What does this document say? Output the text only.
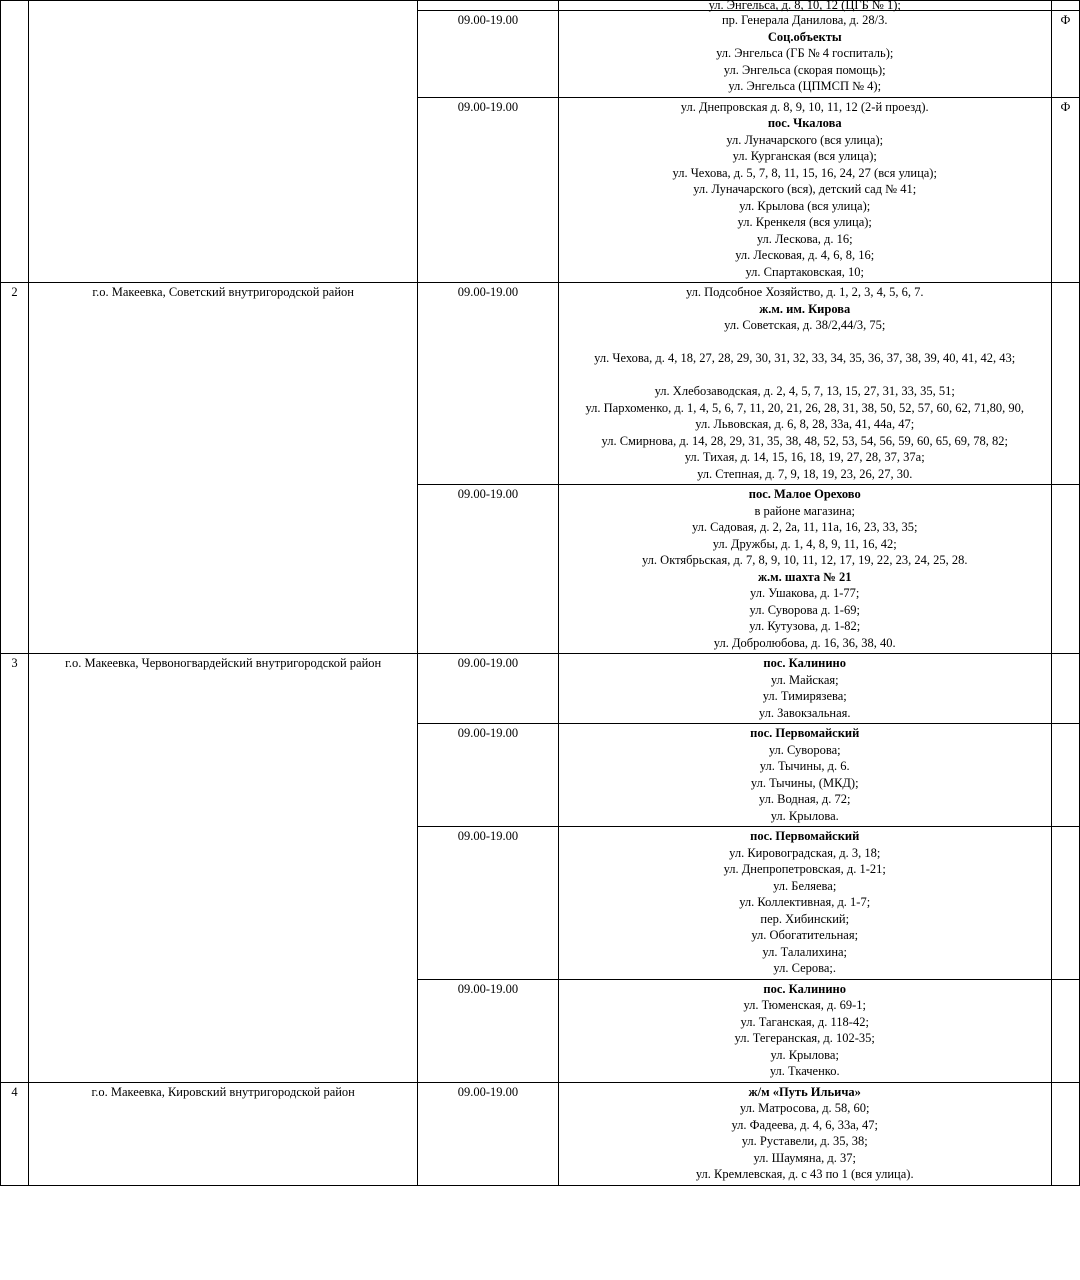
			ул. Энгельса, д. 8, 10, 12 (ЦГБ № 1);	

		09.00-19.00	пр. Генерала Данилова, д. 28/3.
Соц.объекты
ул. Энгельса (ГБ № 4 госпиталь);
ул. Энгельса (скорая помощь);
ул. Энгельса (ЦПМСП № 4);	Ф
09.00-19.00	ул. Днепровская д. 8, 9, 10, 11, 12 (2-й проезд).
пос. Чкалова
ул. Луначарского (вся улица);
ул. Курганская (вся улица);
ул. Чехова, д. 5, 7, 8, 11, 15, 16, 24, 27 (вся улица);
ул. Луначарского (вся), детский сад № 41;
ул. Крылова (вся улица);
ул. Кренкеля (вся улица);
ул. Лескова, д. 16;
ул. Лесковая, д. 4, 6, 8, 16;
ул. Спартаковская, 10;
	Ф
2	г.о. Макеевка, Советский внутригородской район	09.00-19.00	ул. Подсобное Хозяйство, д. 1, 2, 3, 4, 5, 6, 7.
ж.м. им. Кирова
ул. Советская, д. 38/2,44/3, 75;

ул. Чехова, д. 4, 18, 27, 28, 29, 30, 31, 32, 33, 34, 35, 36, 37, 38, 39, 40, 41, 42, 43;

ул. Хлебозаводская, д. 2, 4, 5, 7, 13, 15, 27, 31, 33, 35, 51;
ул. Пархоменко, д. 1, 4, 5, 6, 7, 11, 20, 21, 26, 28, 31, 38, 50, 52, 57, 60, 62, 71,80, 90,
ул. Львовская, д. 6, 8, 28, 33а, 41, 44а, 47;
ул. Смирнова, д. 14, 28, 29, 31, 35, 38, 48, 52, 53, 54, 56, 59, 60, 65, 69, 78, 82;
ул. Тихая, д. 14, 15, 16, 18, 19, 27, 28, 37, 37а;
ул. Степная, д. 7, 9, 18, 19, 23, 26, 27, 30.

09.00-19.00	пос. Малое Орехово
в районе магазина;
ул. Садовая, д. 2, 2а, 11, 11а, 16, 23, 33, 35;
ул. Дружбы, д. 1, 4, 8, 9, 11, 16, 42;
ул. Октябрьская, д. 7, 8, 9, 10, 11, 12, 17, 19, 22, 23, 24, 25, 28.
ж.м. шахта № 21
ул. Ушакова, д. 1-77;
ул. Суворова д. 1-69;
ул. Кутузова, д. 1-82;
ул. Добролюбова, д. 16, 36, 38, 40.

3	г.о. Макеевка, Червоногвардейский внутригородской район	09.00-19.00	пос. Калинино
ул. Майская;
ул. Тимирязева;
ул. Завокзальная.	

09.00-19.00	пос. Первомайский
ул. Суворова;
ул. Тычины, д. 6.
ул. Тычины, (МКД);
ул. Водная, д. 72;
ул. Крылова.

09.00-19.00	пос. Первомайский
ул. Кировоградская, д. 3, 18;
ул. Днепропетровская, д. 1-21;
ул. Беляева;
ул. Коллективная, д. 1-7;
пер. Хибинский;
ул. Обогатительная;
ул. Талалихина;
ул. Серова;.

09.00-19.00	пос. Калинино
ул. Тюменская, д. 69-1;
ул. Таганская, д. 118-42;
ул. Тегеранская, д. 102-35;
ул. Крылова;
ул. Ткаченко.

4	г.о. Макеевка, Кировский внутригородской район	09.00-19.00	ж/м «Путь Ильича»
ул. Матросова, д. 58, 60;
ул. Фадеева, д. 4, 6, 33а, 47;
ул. Руставели, д. 35, 38;
ул. Шаумяна, д. 37;
ул. Кремлевская, д. с 43 по 1 (вся улица).
